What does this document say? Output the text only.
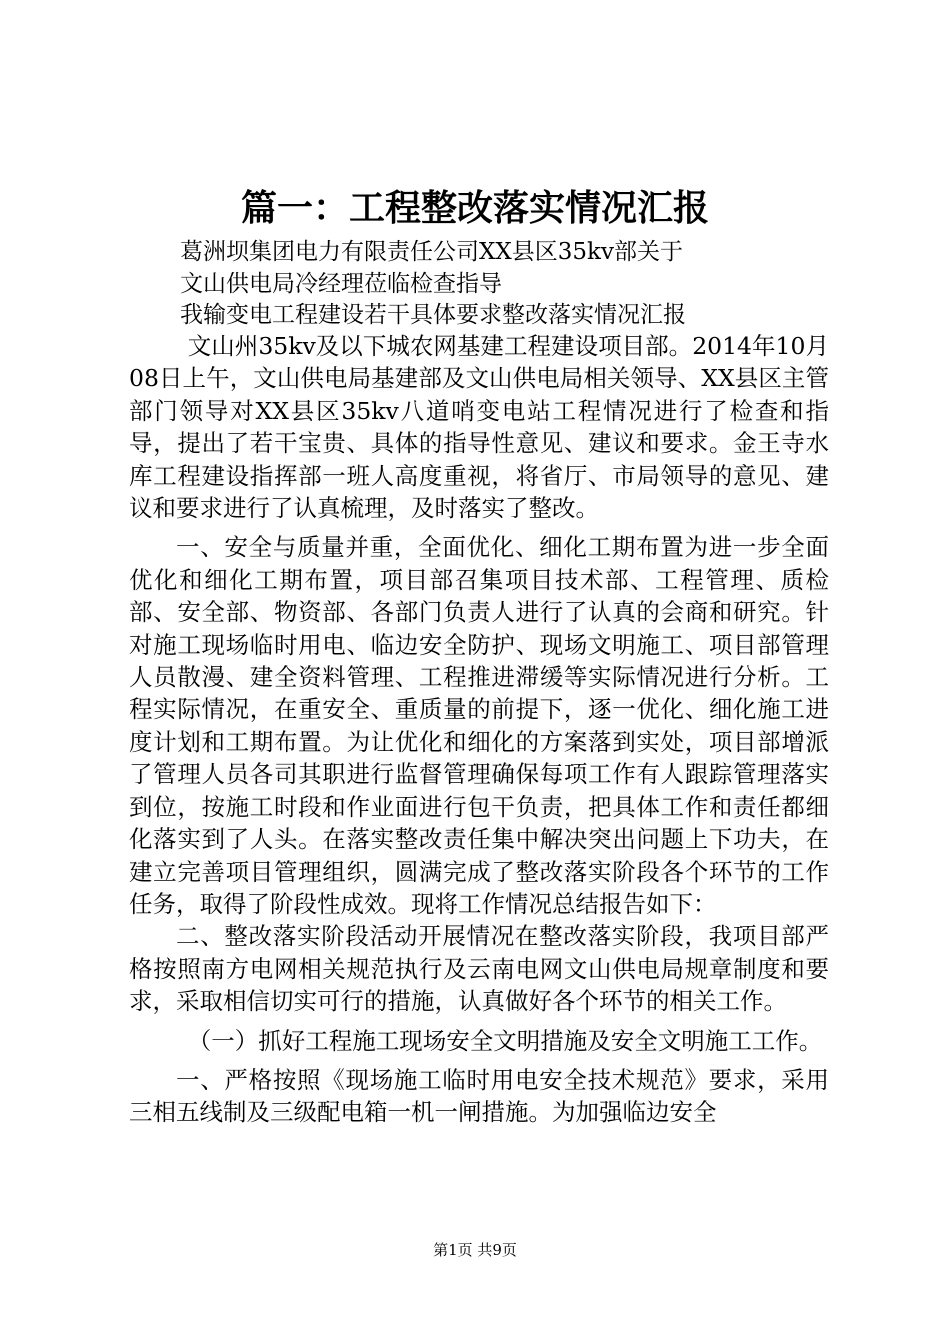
篇一：工程整改落实情况汇报
葛洲坝集团电力有限责任公司XX县区35kv部关于
文山供电局冷经理莅临检查指导
我输变电工程建设若干具体要求整改落实情况汇报

文山州35kv及以下城农网基建工程建设项目部。2014年10月08日上午，文山供电局基建部及文山供电局相关领导、XX县区主管部门领导对XX县区35kv八道哨变电站工程情况进行了检查和指导，提出了若干宝贵、具体的指导性意见、建议和要求。金王寺水库工程建设指挥部一班人高度重视，将省厅、市局领导的意见、建议和要求进行了认真梳理，及时落实了整改。

一、安全与质量并重，全面优化、细化工期布置为进一步全面优化和细化工期布置，项目部召集项目技术部、工程管理、质检部、安全部、物资部、各部门负责人进行了认真的会商和研究。针对施工现场临时用电、临边安全防护、现场文明施工、项目部管理人员散漫、建全资料管理、工程推进滞缓等实际情况进行分析。工程实际情况，在重安全、重质量的前提下，逐一优化、细化施工进度计划和工期布置。为让优化和细化的方案落到实处，项目部增派了管理人员各司其职进行监督管理确保每项工作有人跟踪管理落实到位，按施工时段和作业面进行包干负责，把具体工作和责任都细化落实到了人头。在落实整改责任集中解决突出问题上下功夫，在建立完善项目管理组织，圆满完成了整改落实阶段各个环节的工作任务，取得了阶段性成效。现将工作情况总结报告如下：

二、整改落实阶段活动开展情况在整改落实阶段，我项目部严格按照南方电网相关规范执行及云南电网文山供电局规章制度和要求，采取相信切实可行的措施，认真做好各个环节的相关工作。

（一）抓好工程施工现场安全文明措施及安全文明施工工作。

一、严格按照《现场施工临时用电安全技术规范》要求，采用三相五线制及三级配电箱一机一闸措施。为加强临边安全

第1页 共9页
